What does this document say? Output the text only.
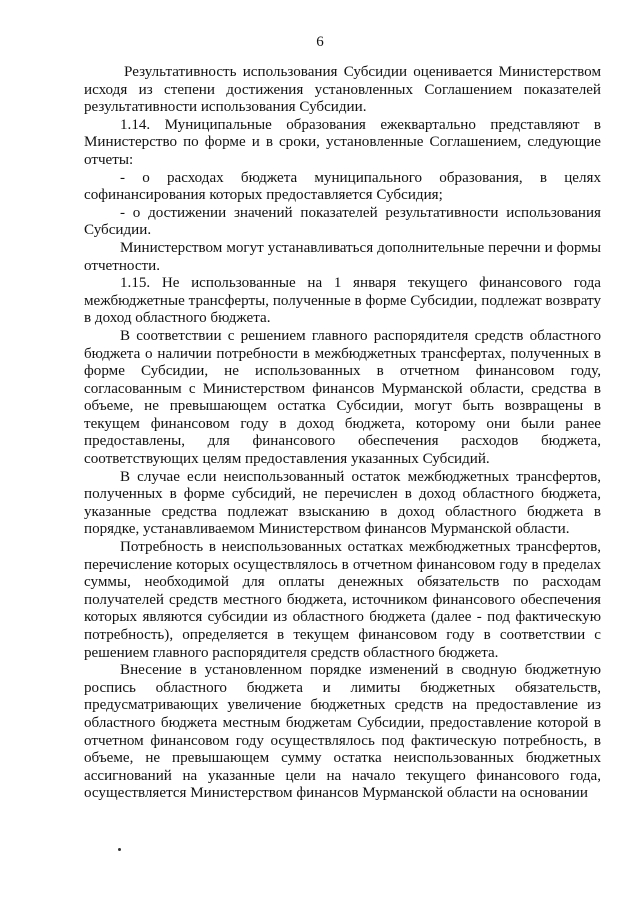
6

Результативность использования Субсидии оценивается Министерством исходя из степени достижения установленных Соглашением показателей результативности использования Субсидии.

1.14. Муниципальные образования ежеквартально представляют в Министерство по форме и в сроки, установленные Соглашением, следующие отчеты:

- о расходах бюджета муниципального образования, в целях софинансирования которых предоставляется Субсидия;

- о достижении значений показателей результативности использования Субсидии.

Министерством могут устанавливаться дополнительные перечни и формы отчетности.

1.15. Не использованные на 1 января текущего финансового года межбюджетные трансферты, полученные в форме Субсидии, подлежат возврату в доход областного бюджета.

В соответствии с решением главного распорядителя средств областного бюджета о наличии потребности в межбюджетных трансфертах, полученных в форме Субсидии, не использованных в отчетном финансовом году, согласованным с Министерством финансов Мурманской области, средства в объеме, не превышающем остатка Субсидии, могут быть возвращены в текущем финансовом году в доход бюджета, которому они были ранее предоставлены, для финансового обеспечения расходов бюджета, соответствующих целям предоставления указанных Субсидий.

В случае если неиспользованный остаток межбюджетных трансфертов, полученных в форме субсидий, не перечислен в доход областного бюджета, указанные средства подлежат взысканию в доход областного бюджета в порядке, устанавливаемом Министерством финансов Мурманской области.

Потребность в неиспользованных остатках межбюджетных трансфертов, перечисление которых осуществлялось в отчетном финансовом году в пределах суммы, необходимой для оплаты денежных обязательств по расходам получателей средств местного бюджета, источником финансового обеспечения которых являются субсидии из областного бюджета (далее - под фактическую потребность), определяется в текущем финансовом году в соответствии с решением главного распорядителя средств областного бюджета.

Внесение в установленном порядке изменений в сводную бюджетную роспись областного бюджета и лимиты бюджетных обязательств, предусматривающих увеличение бюджетных средств на предоставление из областного бюджета местным бюджетам Субсидии, предоставление которой в отчетном финансовом году осуществлялось под фактическую потребность, в объеме, не превышающем сумму остатка неиспользованных бюджетных ассигнований на указанные цели на начало текущего финансового года, осуществляется Министерством финансов Мурманской области на основании
